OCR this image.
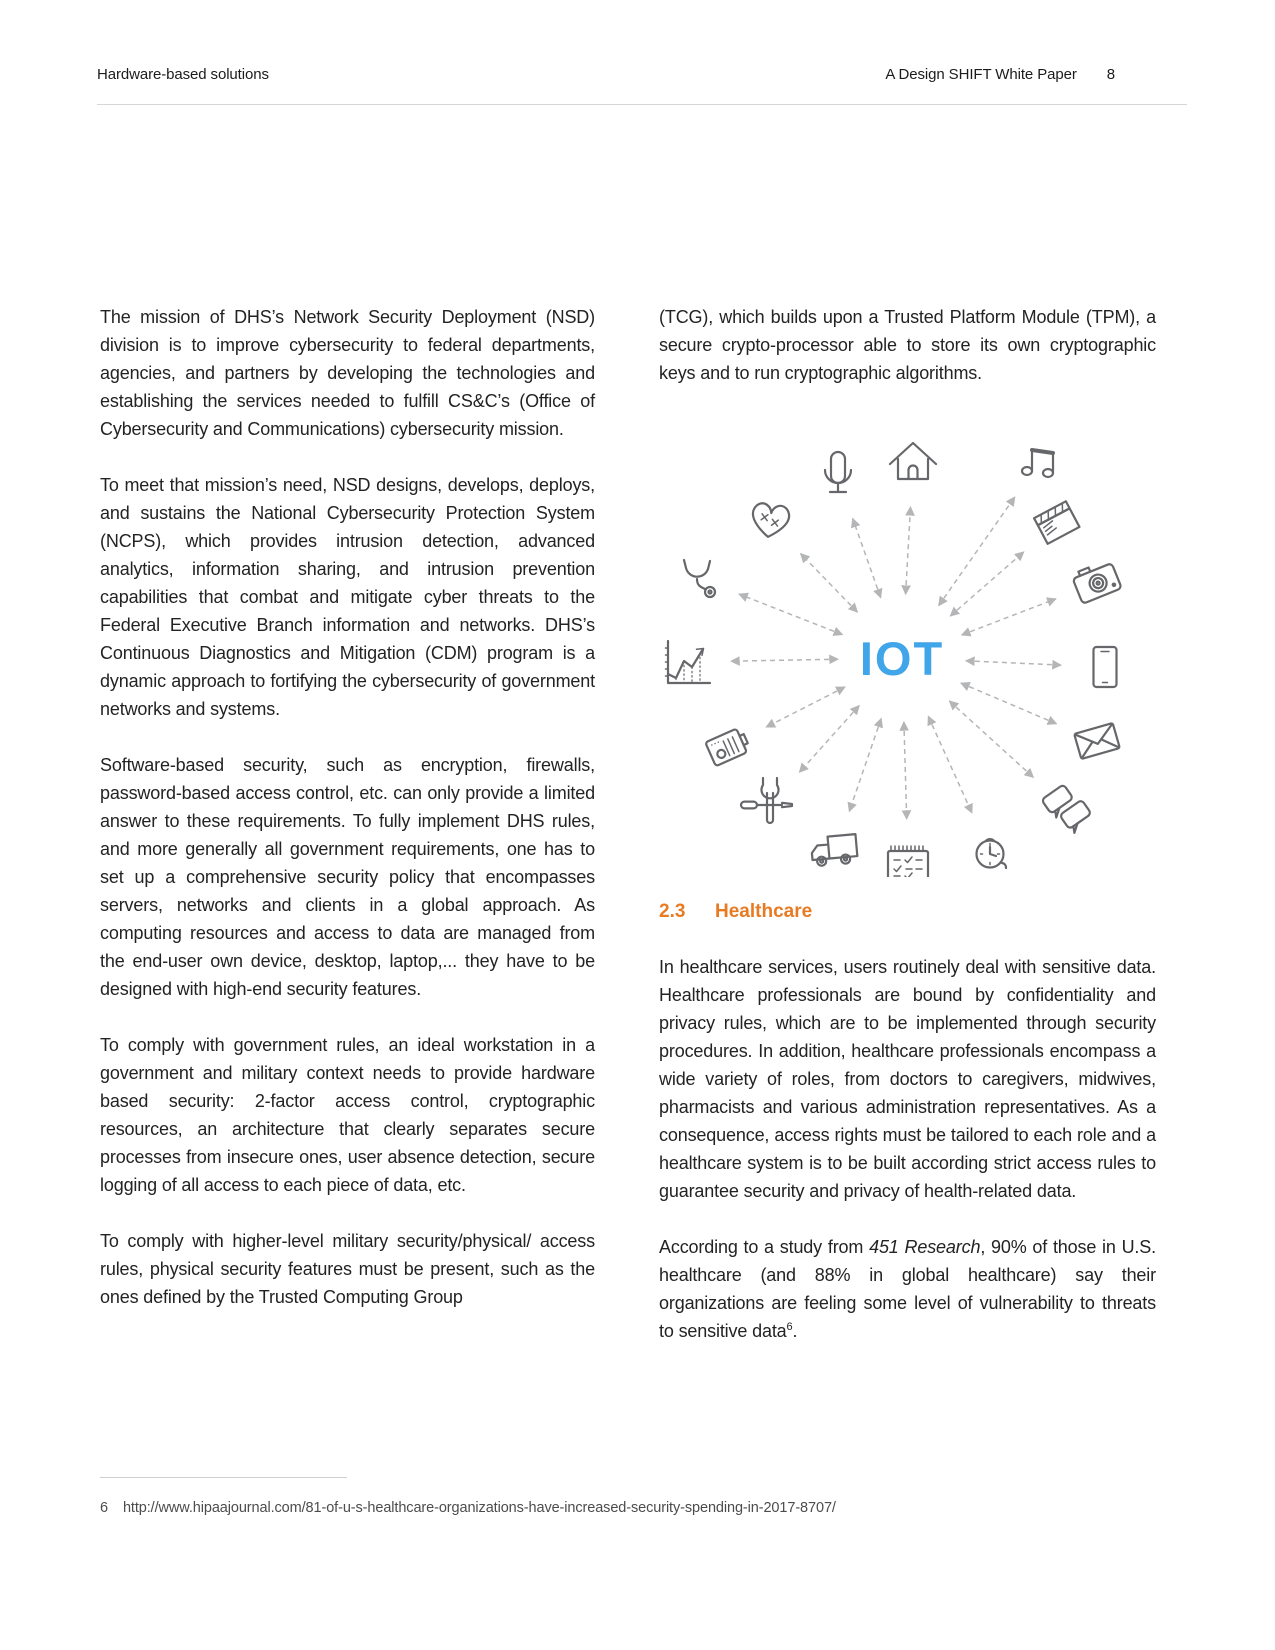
Hardware-based solutions	A Design SHIFT White Paper 8

The mission of DHS’s Network Security Deployment (NSD) division is to improve cybersecurity to federal departments, agencies, and partners by developing the technologies and establishing the services needed to fulfill CS&C’s (Office of Cybersecurity and Communications) cybersecurity mission.

To meet that mission’s need, NSD designs, develops, deploys, and sustains the National Cybersecurity Protection System (NCPS), which provides intrusion detection, advanced analytics, information sharing, and intrusion prevention capabilities that combat and mitigate cyber threats to the Federal Executive Branch information and networks. DHS’s Continuous Diagnostics and Mitigation (CDM) program is a dynamic approach to fortifying the cybersecurity of government networks and systems.

Software-based security, such as encryption, firewalls, password-based access control, etc. can only provide a limited answer to these requirements. To fully implement DHS rules, and more generally all government requirements, one has to set up a comprehensive security policy that encompasses servers, networks and clients in a global approach. As computing resources and access to data are managed from the end-user own device, desktop, laptop,... they have to be designed with high-end security features.

To comply with government rules, an ideal workstation in a government and military context needs to provide hardware based security: 2-factor access control, cryptographic resources, an architecture that clearly separates secure processes from insecure ones, user absence detection, secure logging of all access to each piece of data, etc.

To comply with higher-level military security/physical/ access rules, physical security features must be present, such as the ones defined by the Trusted Computing Group

(TCG), which builds upon a Trusted Platform Module (TPM), a secure crypto-processor able to store its own cryptographic keys and to run cryptographic algorithms.

IOT
2.3	Healthcare

In healthcare services, users routinely deal with sensitive data. Healthcare professionals are bound by confidentiality and privacy rules, which are to be implemented through security procedures. In addition, healthcare professionals encompass a wide variety of roles, from doctors to caregivers, midwives, pharmacists and various administration representatives. As a consequence, access rights must be tailored to each role and a healthcare system is to be built according strict access rules to guarantee security and privacy of health-related data.

According to a study from 451 Research, 90% of those in U.S. healthcare (and 88% in global healthcare) say their organizations are feeling some level of vulnerability to threats to sensitive data$^6$.

6 http://www.hipaajournal.com/81-of-u-s-healthcare-organizations-have-increased-security-spending-in-2017-8707/
